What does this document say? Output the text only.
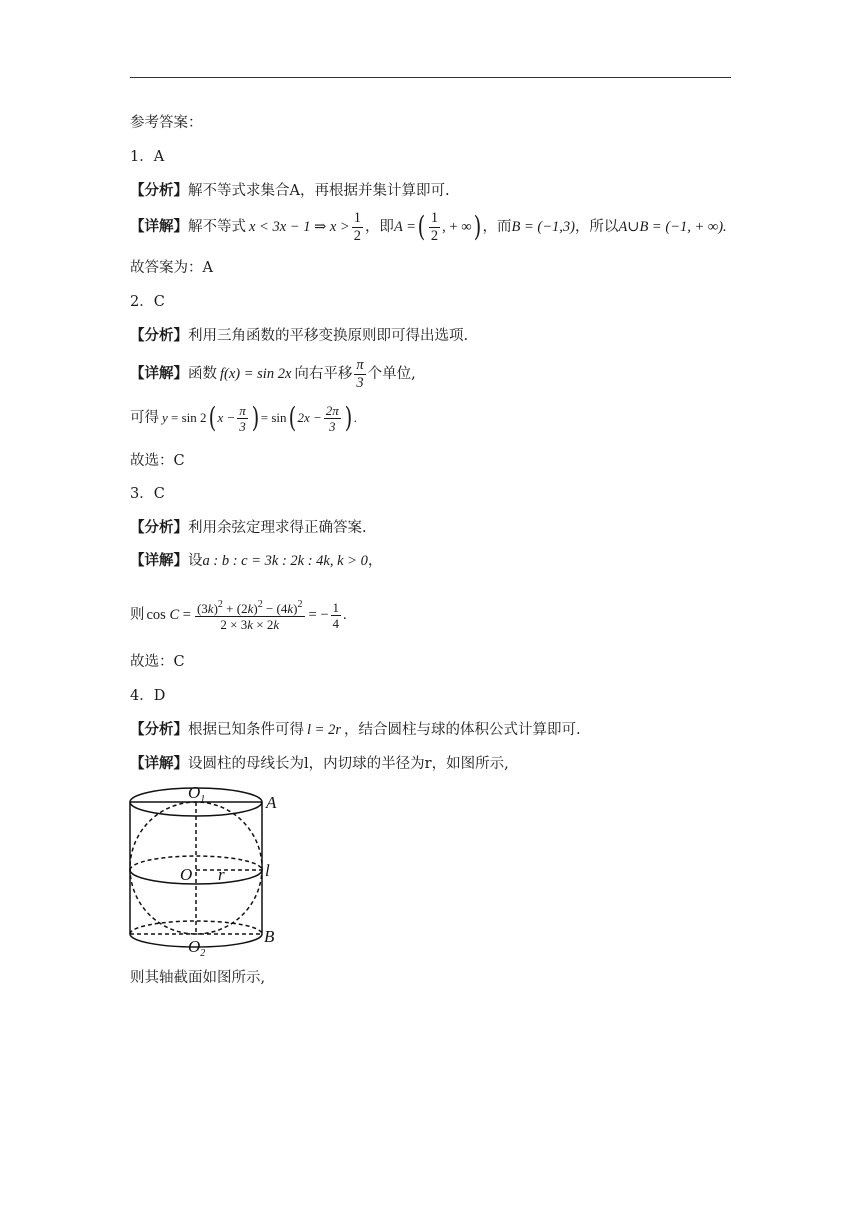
参考答案：
1．A
【分析】解不等式求集合A，再根据并集计算即可.
【详解】 解不等式 x < 3x − 1 ⇒ $x > \frac{1}{2}$ ，即 A = ( $\frac{1}{2}$ , + ∞ ) ，而 B = (−1,3) ，所以 A∪B = (−1, + ∞).
故答案为：A
2．C
【分析】利用三角函数的平移变换原则即可得出选项.
【详解】 函数 f(x) = sin 2x 向右平移 $\frac{\pi}{3}$ 个单位,
可得 y = sin 2 ( $x - \frac{\pi}{3}$ ) = sin ( $2x - \frac{2\pi}{3}$ ) .
故选：C
3．C
【分析】利用余弦定理求得正确答案.
【详解】设a : b : c = 3k : 2k : 4k, k > 0，
则 $\cos C = \frac{(3k)^2 + (2k)^2 - (4k)^2}{2 \times 3k \times 2k}$ = − $\frac{1}{4}$ .
故选：C
4．D
【分析】根据已知条件可得 l = 2r ，结合圆柱与球的体积公式计算即可.
【详解】设圆柱的母线长为l，内切球的半径为r，如图所示,
$O_1$	A
O r l
$O_2$
B
则其轴截面如图所示,
